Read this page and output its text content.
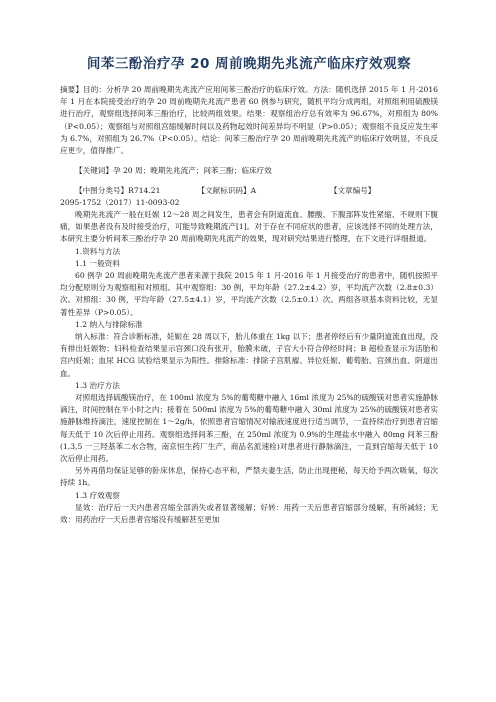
间苯三酚治疗孕 20 周前晚期先兆流产临床疗效观察

摘要】目的：分析孕 20 周前晚期先兆流产应用间苯三酚治疗的临床疗效。方法：随机选择 2015 年 1 月-2016 年 1 月在本院接受治疗的孕 20 周前晚期先兆流产患者 60 例参与研究，随机平均分成两组，对照组利用硫酸镁进行治疗，观察组选择间苯三酚治疗，比较两组效果。结果：观察组治疗总有效率为 96.67%，对照组为 80%（P<0.05）；观察组与对照组宫缩缓解时间以及药物起效时间差异均不明显（P>0.05）；观察组不良反应发生率为 6.7%，对照组为 26.7%（P<0.05）。结论：间苯三酚治疗孕 20 周前晚期先兆流产的临床疗效明显，不良反应更少，值得推广。

【关键词】孕 20 周；晚期先兆流产；间苯三酚；临床疗效

【中图分类号】R714.21	【文献标识码】A	【文章编号】

2095-1752（2017）11-0093-02

晚期先兆流产一般在妊娠 12～28 周之间发生，患者会有阴道流血、腰酸、下腹部阵发性紧缩、不规则下腹痛，如果患者没有及时接受治疗，可能导致晚期流产[1]。对于存在不同症状的患者，应该选择不同的处理方法，本研究主要分析间苯三酚治疗孕 20 周前晚期先兆流产的效果，现对研究结果进行整理，在下文进行详细报道。

1.资料与方法

1.1 一般资料

60 例孕 20 周前晚期先兆流产患者来源于我院 2015 年 1 月-2016 年 1 月接受治疗的患者中，随机按照平均分配原则分为观察组和对照组。其中观察组：30 例，平均年龄（27.2±4.2）岁，平均流产次数（2.8±0.3）次。对照组：30 例，平均年龄（27.5±4.1）岁，平均流产次数（2.5±0.1）次。两组各项基本资料比较，无显著性差异（P>0.05）。

1.2 纳入与排除标准

纳入标准：符合诊断标准，妊娠在 28 周以下，胎儿体重在 1kg 以下；患者停经后有少量阴道流血出现，没有排出妊娠物；妇科检查结果显示宫颈口没有张开，胎膜未破，子宫大小符合停经时间；B 超检查显示为活胎和宫内妊娠；血尿 HCG 试验结果显示为阳性。排除标准：排除子宫肌瘤、异位妊娠、葡萄胎、宫颈出血、阴道出血。

1.3 治疗方法

对照组选择硫酸镁治疗，在 100ml 浓度为 5%的葡萄糖中融入 16ml 浓度为 25%的硫酸镁对患者实施静脉滴注，时间控制在半小时之内；接着在 500ml 浓度为 5%的葡萄糖中融入 30ml 浓度为 25%的硫酸镁对患者实施静脉维持滴注，速度控制在 1～2g/h，依照患者宫缩情况对输液速度进行适当调节，一直持续治疗到患者宫缩每天低于 10 次后停止用药。观察组选择间苯三酚，在 250ml 浓度为 0.9%的生理盐水中融入 80mg 间苯三酚(1,3,5 一三羟基苯二水合物，南京恒生药厂生产，商品名派速栓)对患者进行静脉滴注，一直到宫缩每天低于 10 次后停止用药。

另外再借均保证足够的卧床休息，保持心态平和，严禁夫妻生活，防止出现便秘，每天给予两次吸氧，每次持续 1h。

1.3 疗效观察

显效：治疗后一天内患者宫缩全部消失或者显著缓解；好转：用药一天后患者宫缩部分缓解，有所减轻；无效：用药治疗一天后患者宫缩没有缓解甚至更加
